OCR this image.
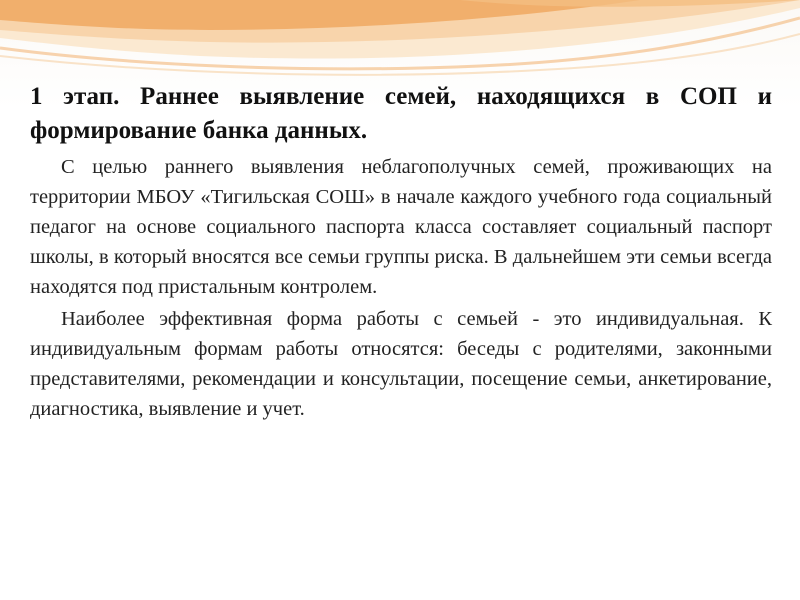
1 этап. Раннее выявление семей, находящихся в СОП и формирование банка данных.

С целью раннего выявления неблагополучных семей, проживающих на территории МБОУ «Тигильская СОШ» в начале каждого учебного года социальный педагог на основе социального паспорта класса составляет социальный паспорт школы, в который вносятся все семьи группы риска. В дальнейшем эти семьи всегда находятся под пристальным контролем.

Наиболее эффективная форма работы с семьей - это индивидуальная. К индивидуальным формам работы относятся: беседы с родителями, законными представителями, рекомендации и консультации, посещение семьи, анкетирование, диагностика, выявление и учет.
